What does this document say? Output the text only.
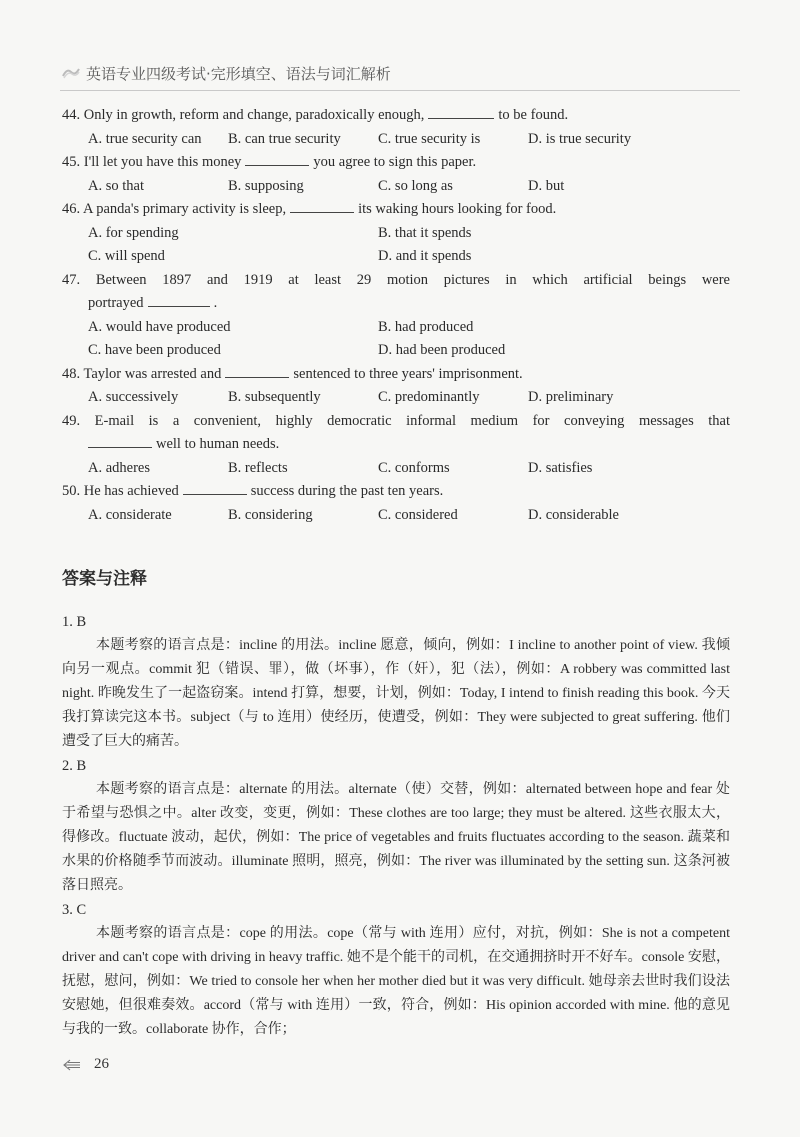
英语专业四级考试·完形填空、语法与词汇解析
44. Only in growth, reform and change, paradoxically enough,	to be found.
A. true security can	B. can true security	C. true security is	D. is true security
45. I'll let you have this money	you agree to sign this paper.
A. so that	B. supposing	C. so long as	D. but
46. A panda's primary activity is sleep,	its waking hours looking for food.
A. for spending	B. that it spends
C. will spend	D. and it spends
47. Between 1897 and 1919 at least 29 motion pictures in which artificial beings were
portrayed	.
A. would have produced	B. had produced
C. have been produced	D. had been produced
48. Taylor was arrested and	sentenced to three years' imprisonment.
A. successively	B. subsequently	C. predominantly	D. preliminary
49. E-mail is a convenient, highly democratic informal medium for conveying messages that
well to human needs.
A. adheres	B. reflects	C. conforms	D. satisfies
50. He has achieved	success during the past ten years.
A. considerate	B. considering	C. considered	D. considerable
答案与注释
1. B
本题考察的语言点是：incline 的用法。incline 愿意，倾向，例如：I incline to another point of view. 我倾向另一观点。commit 犯（错误、罪），做（坏事），作（奸），犯（法），例如：A robbery was committed last night. 昨晚发生了一起盗窃案。intend 打算，想要，计划，例如：Today, I intend to finish reading this book. 今天我打算读完这本书。subject（与 to 连用）使经历，使遭受，例如：They were subjected to great suffering. 他们遭受了巨大的痛苦。
2. B
本题考察的语言点是：alternate 的用法。alternate（使）交替，例如：alternated between hope and fear 处于希望与恐惧之中。alter 改变，变更，例如：These clothes are too large; they must be altered. 这些衣服太大，得修改。fluctuate 波动，起伏，例如：The price of vegetables and fruits fluctuates according to the season. 蔬菜和水果的价格随季节而波动。illuminate 照明，照亮，例如：The river was illuminated by the setting sun. 这条河被落日照亮。
3. C
本题考察的语言点是：cope 的用法。cope（常与 with 连用）应付，对抗，例如：She is not a competent driver and can't cope with driving in heavy traffic. 她不是个能干的司机，在交通拥挤时开不好车。console 安慰，抚慰，慰问，例如：We tried to console her when her mother died but it was very difficult. 她母亲去世时我们设法安慰她，但很难奏效。accord（常与 with 连用）一致，符合，例如：His opinion accorded with mine. 他的意见与我的一致。collaborate 协作，合作；
26
